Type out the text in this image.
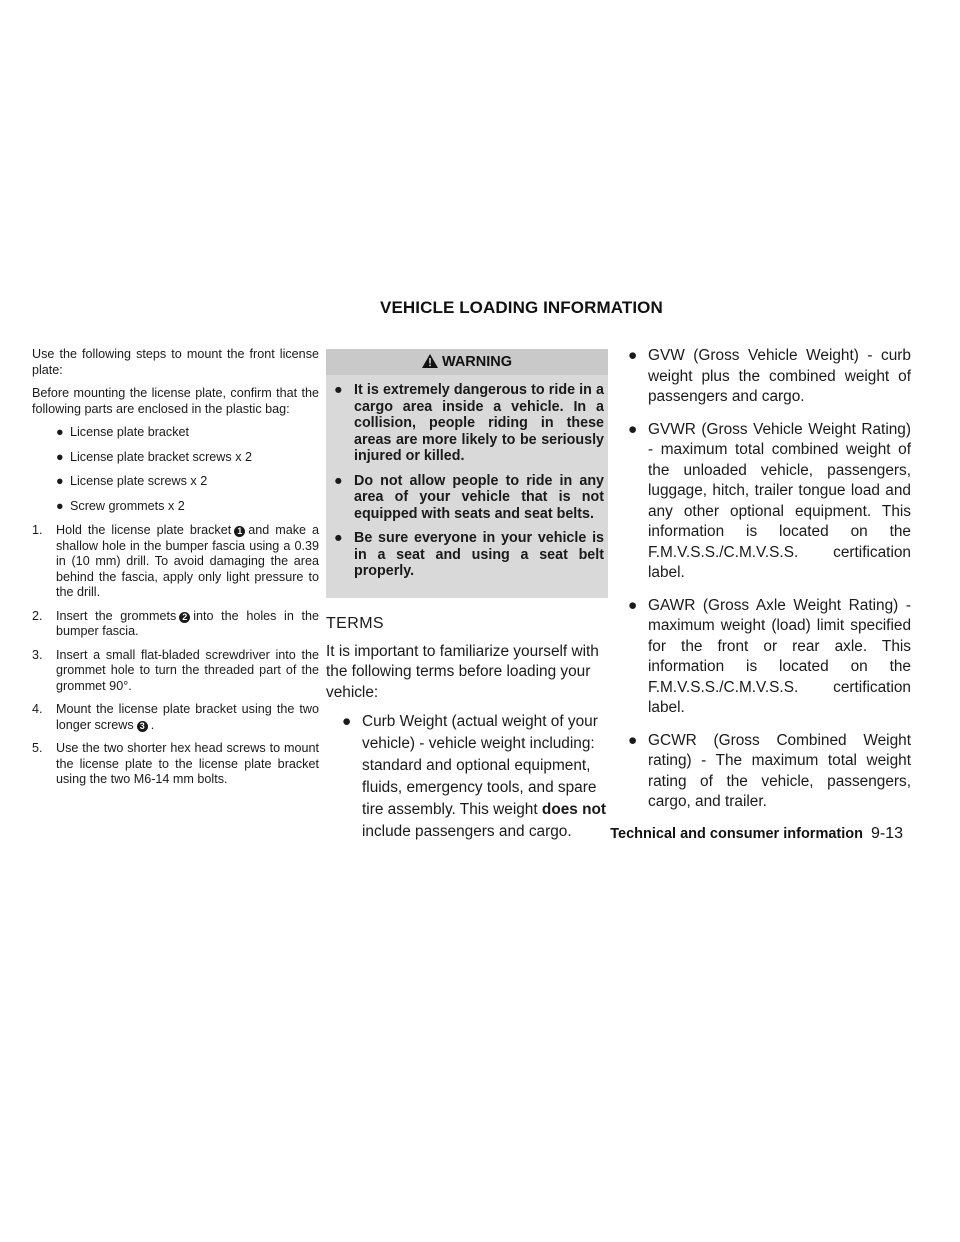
VEHICLE LOADING INFORMATION

Use the following steps to mount the front license plate:

Before mounting the license plate, confirm that the following parts are enclosed in the plastic bag:

● License plate bracket
● License plate bracket screws x 2
● License plate screws x 2
● Screw grommets x 2
1. Hold the license plate bracket 1 and make a shallow hole in the bumper fascia using a 0.39 in (10 mm) drill. To avoid damaging the area behind the fascia, apply only light pressure to the drill.
2. Insert the grommets 2 into the holes in the bumper fascia.
3. Insert a small flat-bladed screwdriver into the grommet hole to turn the threaded part of the grommet 90°.
4. Mount the license plate bracket using the two longer screws 3 .
5. Use the two shorter hex head screws to mount the license plate to the license plate bracket using the two M6-14 mm bolts.
WARNING
● It is extremely dangerous to ride in a cargo area inside a vehicle. In a collision, people riding in these areas are more likely to be seriously injured or killed.
● Do not allow people to ride in any area of your vehicle that is not equipped with seats and seat belts.
● Be sure everyone in your vehicle is in a seat and using a seat belt properly.
TERMS

It is important to familiarize yourself with the following terms before loading your vehicle:

● Curb Weight (actual weight of your vehicle) - vehicle weight including: standard and optional equipment, fluids, emergency tools, and spare tire assembly. This weight does not include passengers and cargo.
● GVW (Gross Vehicle Weight) - curb weight plus the combined weight of passengers and cargo.
● GVWR (Gross Vehicle Weight Rating) - maximum total combined weight of the unloaded vehicle, passengers, luggage, hitch, trailer tongue load and any other optional equipment. This information is located on the F.M.V.S.S./C.M.V.S.S. certification label.
● GAWR (Gross Axle Weight Rating) - maximum weight (load) limit specified for the front or rear axle. This information is located on the F.M.V.S.S./C.M.V.S.S. certification label.
● GCWR (Gross Combined Weight rating) - The maximum total weight rating of the vehicle, passengers, cargo, and trailer.
Technical and consumer information 9-13
